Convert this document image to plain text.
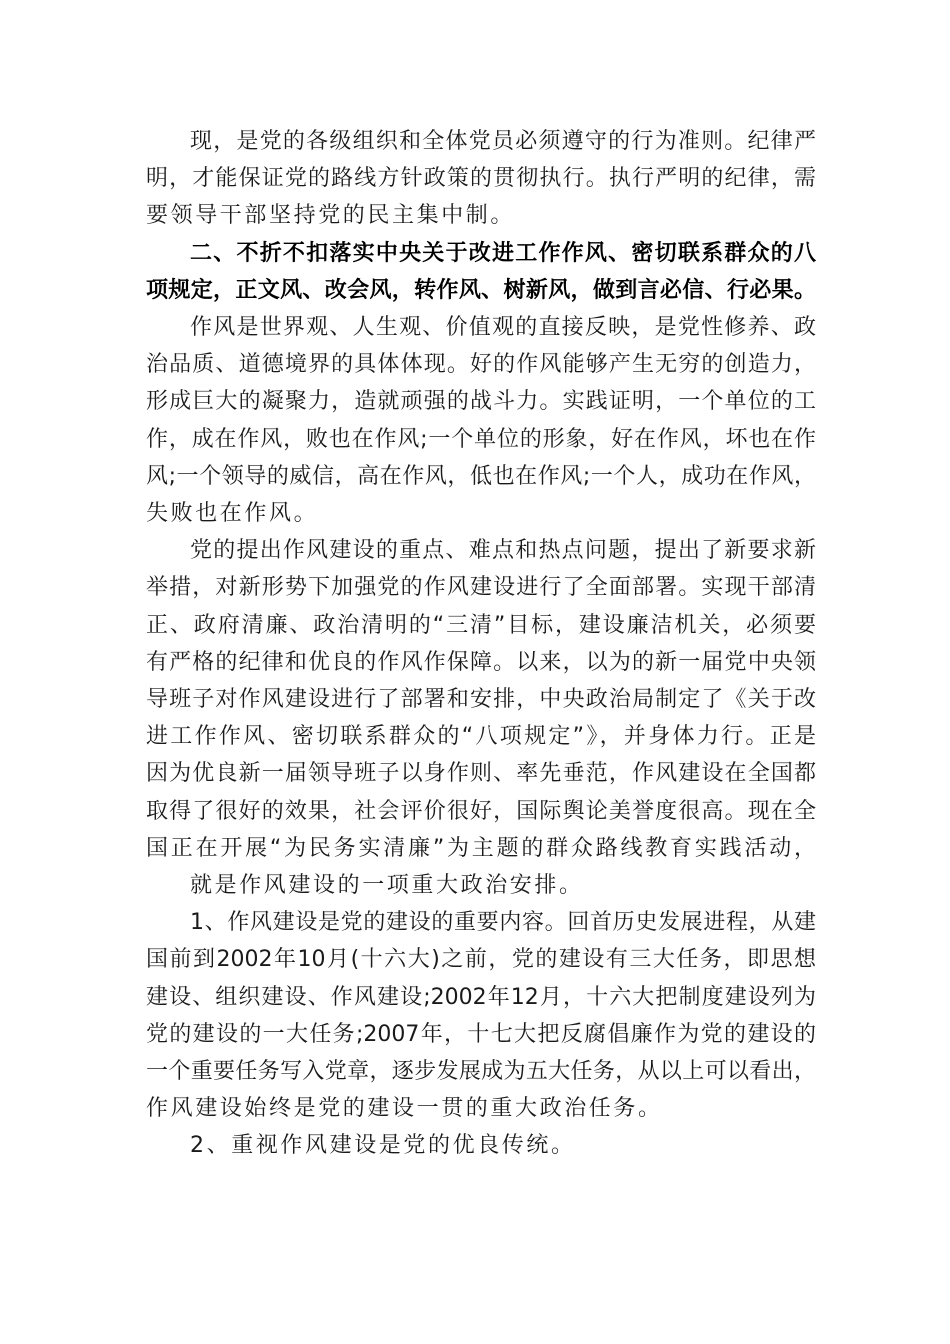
现，是党的各级组织和全体党员必须遵守的行为准则。纪律严
明，才能保证党的路线方针政策的贯彻执行。执行严明的纪律，需
要领导干部坚持党的民主集中制。
二、不折不扣落实中央关于改进工作作风、密切联系群众的八
项规定，正文风、改会风，转作风、树新风，做到言必信、行必果。
作风是世界观、人生观、价值观的直接反映，是党性修养、政
治品质、道德境界的具体体现。好的作风能够产生无穷的创造力，
形成巨大的凝聚力，造就顽强的战斗力。实践证明，一个单位的工
作，成在作风，败也在作风;一个单位的形象，好在作风，坏也在作
风;一个领导的威信，高在作风，低也在作风;一个人，成功在作风，
失败也在作风。
党的提出作风建设的重点、难点和热点问题，提出了新要求新
举措，对新形势下加强党的作风建设进行了全面部署。实现干部清
正、政府清廉、政治清明的“三清”目标，建设廉洁机关，必须要
有严格的纪律和优良的作风作保障。以来，以为的新一届党中央领
导班子对作风建设进行了部署和安排，中央政治局制定了《关于改
进工作作风、密切联系群众的“八项规定”》，并身体力行。正是
因为优良新一届领导班子以身作则、率先垂范，作风建设在全国都
取得了很好的效果，社会评价很好，国际舆论美誉度很高。现在全
国正在开展“为民务实清廉”为主题的群众路线教育实践活动，
就是作风建设的一项重大政治安排。
1、作风建设是党的建设的重要内容。回首历史发展进程，从建
国前到2002年10月(十六大)之前，党的建设有三大任务，即思想
建设、组织建设、作风建设;2002年12月，十六大把制度建设列为
党的建设的一大任务;2007年，十七大把反腐倡廉作为党的建设的
一个重要任务写入党章，逐步发展成为五大任务，从以上可以看出，
作风建设始终是党的建设一贯的重大政治任务。
2、重视作风建设是党的优良传统。
